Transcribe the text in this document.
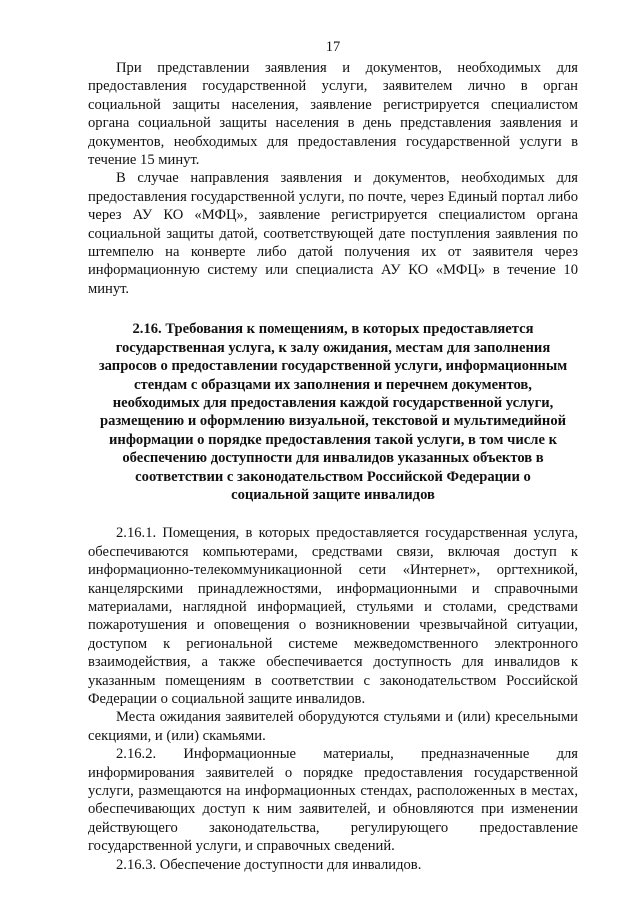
17

При представлении заявления и документов, необходимых для предоставления государственной услуги, заявителем лично в орган социальной защиты населения, заявление регистрируется специалистом органа социальной защиты населения в день представления заявления и документов, необходимых для предоставления государственной услуги в течение 15 минут.

В случае направления заявления и документов, необходимых для предоставления государственной услуги, по почте, через Единый портал либо через АУ КО «МФЦ», заявление регистрируется специалистом органа социальной защиты датой, соответствующей дате поступления заявления по штемпелю на конверте либо датой получения их от заявителя через информационную систему или специалиста АУ КО «МФЦ» в течение 10 минут.

2.16. Требования к помещениям, в которых предоставляется
государственная услуга, к залу ожидания, местам для заполнения
запросов о предоставлении государственной услуги, информационным
стендам с образцами их заполнения и перечнем документов,
необходимых для предоставления каждой государственной услуги,
размещению и оформлению визуальной, текстовой и мультимедийной
информации о порядке предоставления такой услуги, в том числе к
обеспечению доступности для инвалидов указанных объектов в
соответствии с законодательством Российской Федерации о
социальной защите инвалидов

2.16.1. Помещения, в которых предоставляется государственная услуга, обеспечиваются компьютерами, средствами связи, включая доступ к информационно-телекоммуникационной сети «Интернет», оргтехникой, канцелярскими принадлежностями, информационными и справочными материалами, наглядной информацией, стульями и столами, средствами пожаротушения и оповещения о возникновении чрезвычайной ситуации, доступом к региональной системе межведомственного электронного взаимодействия, а также обеспечивается доступность для инвалидов к указанным помещениям в соответствии с законодательством Российской Федерации о социальной защите инвалидов.

Места ожидания заявителей оборудуются стульями и (или) кресельными секциями, и (или) скамьями.

2.16.2. Информационные материалы, предназначенные для информирования заявителей о порядке предоставления государственной услуги, размещаются на информационных стендах, расположенных в местах, обеспечивающих доступ к ним заявителей, и обновляются при изменении действующего законодательства, регулирующего предоставление государственной услуги, и справочных сведений.

2.16.3. Обеспечение доступности для инвалидов.
